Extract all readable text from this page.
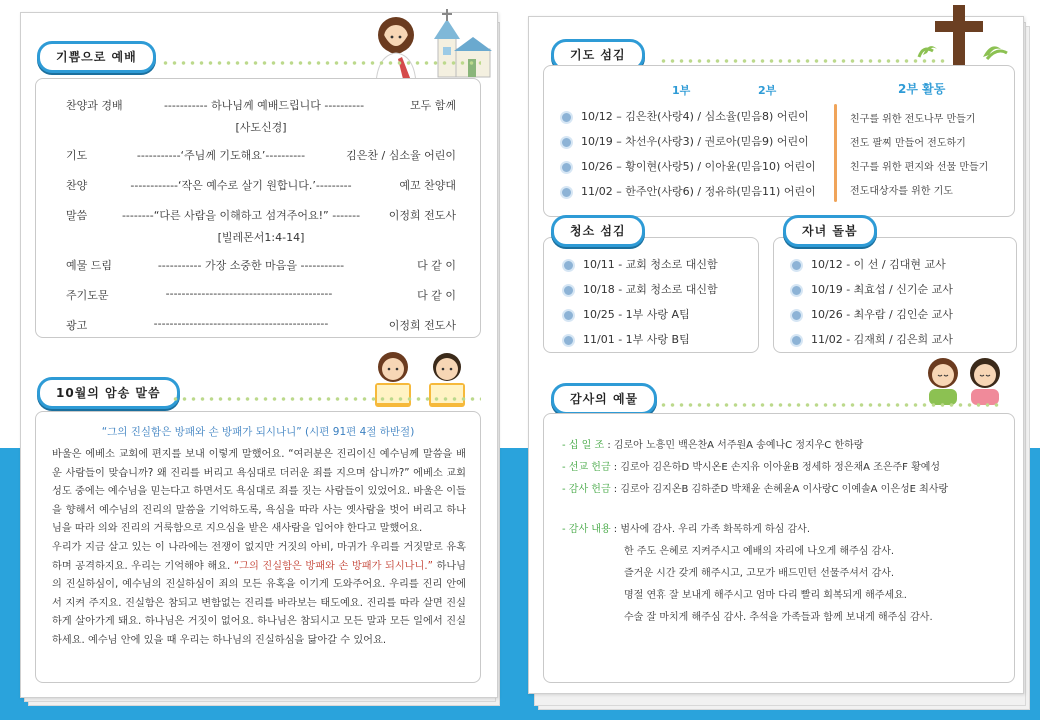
기쁨으로 예배
찬양과 경배	----------- 하나님께 예배드립니다 ----------	모두 함께
[사도신경]
기도	-----------‘주님께 기도해요’----------	김은찬 / 심소율 어린이
찬양	------------‘작은 예수로 살기 원합니다.’---------	예꼬 찬양대
말씀	--------“다른 사람을 이해하고 섬겨주어요!” -------	이정희 전도사
[빌레몬서1:4-14]
예물 드림	----------- 가장 소중한 마음을 -----------	다 같 이
주기도문	------------------------------------------	다 같 이
광고	--------------------------------------------	이정희 전도사
10월의 암송 말씀
“그의 진실함은 방패와 손 방패가 되시나니” (시편 91편 4절 하반절)

바울은 에베소 교회에 편지를 보내 이렇게 말했어요. “여러분은 진리이신 예수님께 말씀을 배운 사람들이 맞습니까? 왜 진리를 버리고 욕심대로 더러운 죄를 지으며 삽니까?” 에베소 교회 성도 중에는 예수님을 믿는다고 하면서도 욕심대로 죄를 짓는 사람들이 있었어요. 바울은 이들을 향해서 예수님의 진리의 말씀을 기억하도록, 욕심을 따라 사는 옛사람을 벗어 버리고 하나님을 따라 의와 진리의 거룩함으로 지으심을 받은 새사람을 입어야 한다고 말했어요.

우리가 지금 살고 있는 이 나라에는 전쟁이 없지만 거짓의 아비, 마귀가 우리를 거짓말로 유혹하며 공격하지요. 우리는 기억해야 해요. “그의 진실함은 방패와 손 방패가 되시나니.” 하나님의 진실하심이, 예수님의 진실하심이 죄의 모든 유혹을 이기게 도와주어요. 우리를 진리 안에서 지켜 주지요. 진실함은 참되고 변함없는 진리를 바라보는 태도예요. 진리를 따라 살면 진실하게 살아가게 돼요. 하나님은 거짓이 없어요. 하나님은 참되시고 모든 말과 모든 일에서 진실하세요. 예수님 안에 있을 때 우리는 하나님의 진실하심을 닮아갈 수 있어요.

기도 섬김
1부	2부	2부 활동
10/12 – 김은찬(사랑4) / 심소율(믿음8) 어린이
10/19 – 차선우(사랑3) / 권로아(믿음9) 어린이
10/26 – 황이현(사랑5) / 이아윤(믿음10) 어린이
11/02 – 한주안(사랑6) / 정유하(믿음11) 어린이
친구를 위한 전도나무 만들기
전도 팔찌 만들어 전도하기
친구를 위한 편지와 선물 만들기
전도대상자를 위한 기도
10/11 - 교회 청소로 대신함
10/18 - 교회 청소로 대신함
10/25 - 1부 사랑 A팀
11/01 - 1부 사랑 B팀
청소 섬김
10/12 - 이 선 / 김대현 교사
10/19 - 최효섭 / 신기순 교사
10/26 - 최우람 / 김인순 교사
11/02 - 김재희 / 김은희 교사
자녀 돌봄
감사의 예물
- 십 일 조 : 김로아 노흥민 백은찬A 서주원A 송예나C 정지우C 한하랑
- 선교 헌금 : 김로아 김은하D 박시온E 손지유 이아윤B 정세하 정은채A 조은주F 황예성
- 감사 헌금 : 김로아 김지온B 김하준D 박채윤 손혜윤A 이사랑C 이예솔A 이은성E 최사랑
- 감사 내용 : 범사에 감사. 우리 가족 화목하게 하심 감사.
한 주도 은혜로 지켜주시고 예배의 자리에 나오게 해주심 감사.
즐거운 시간 갖게 해주시고, 고모가 배드민턴 선물주셔서 감사.
명절 연휴 잘 보내게 해주시고 엄마 다리 빨리 회복되게 해주세요.
수술 잘 마치게 해주심 감사. 추석을 가족들과 함께 보내게 해주심 감사.
